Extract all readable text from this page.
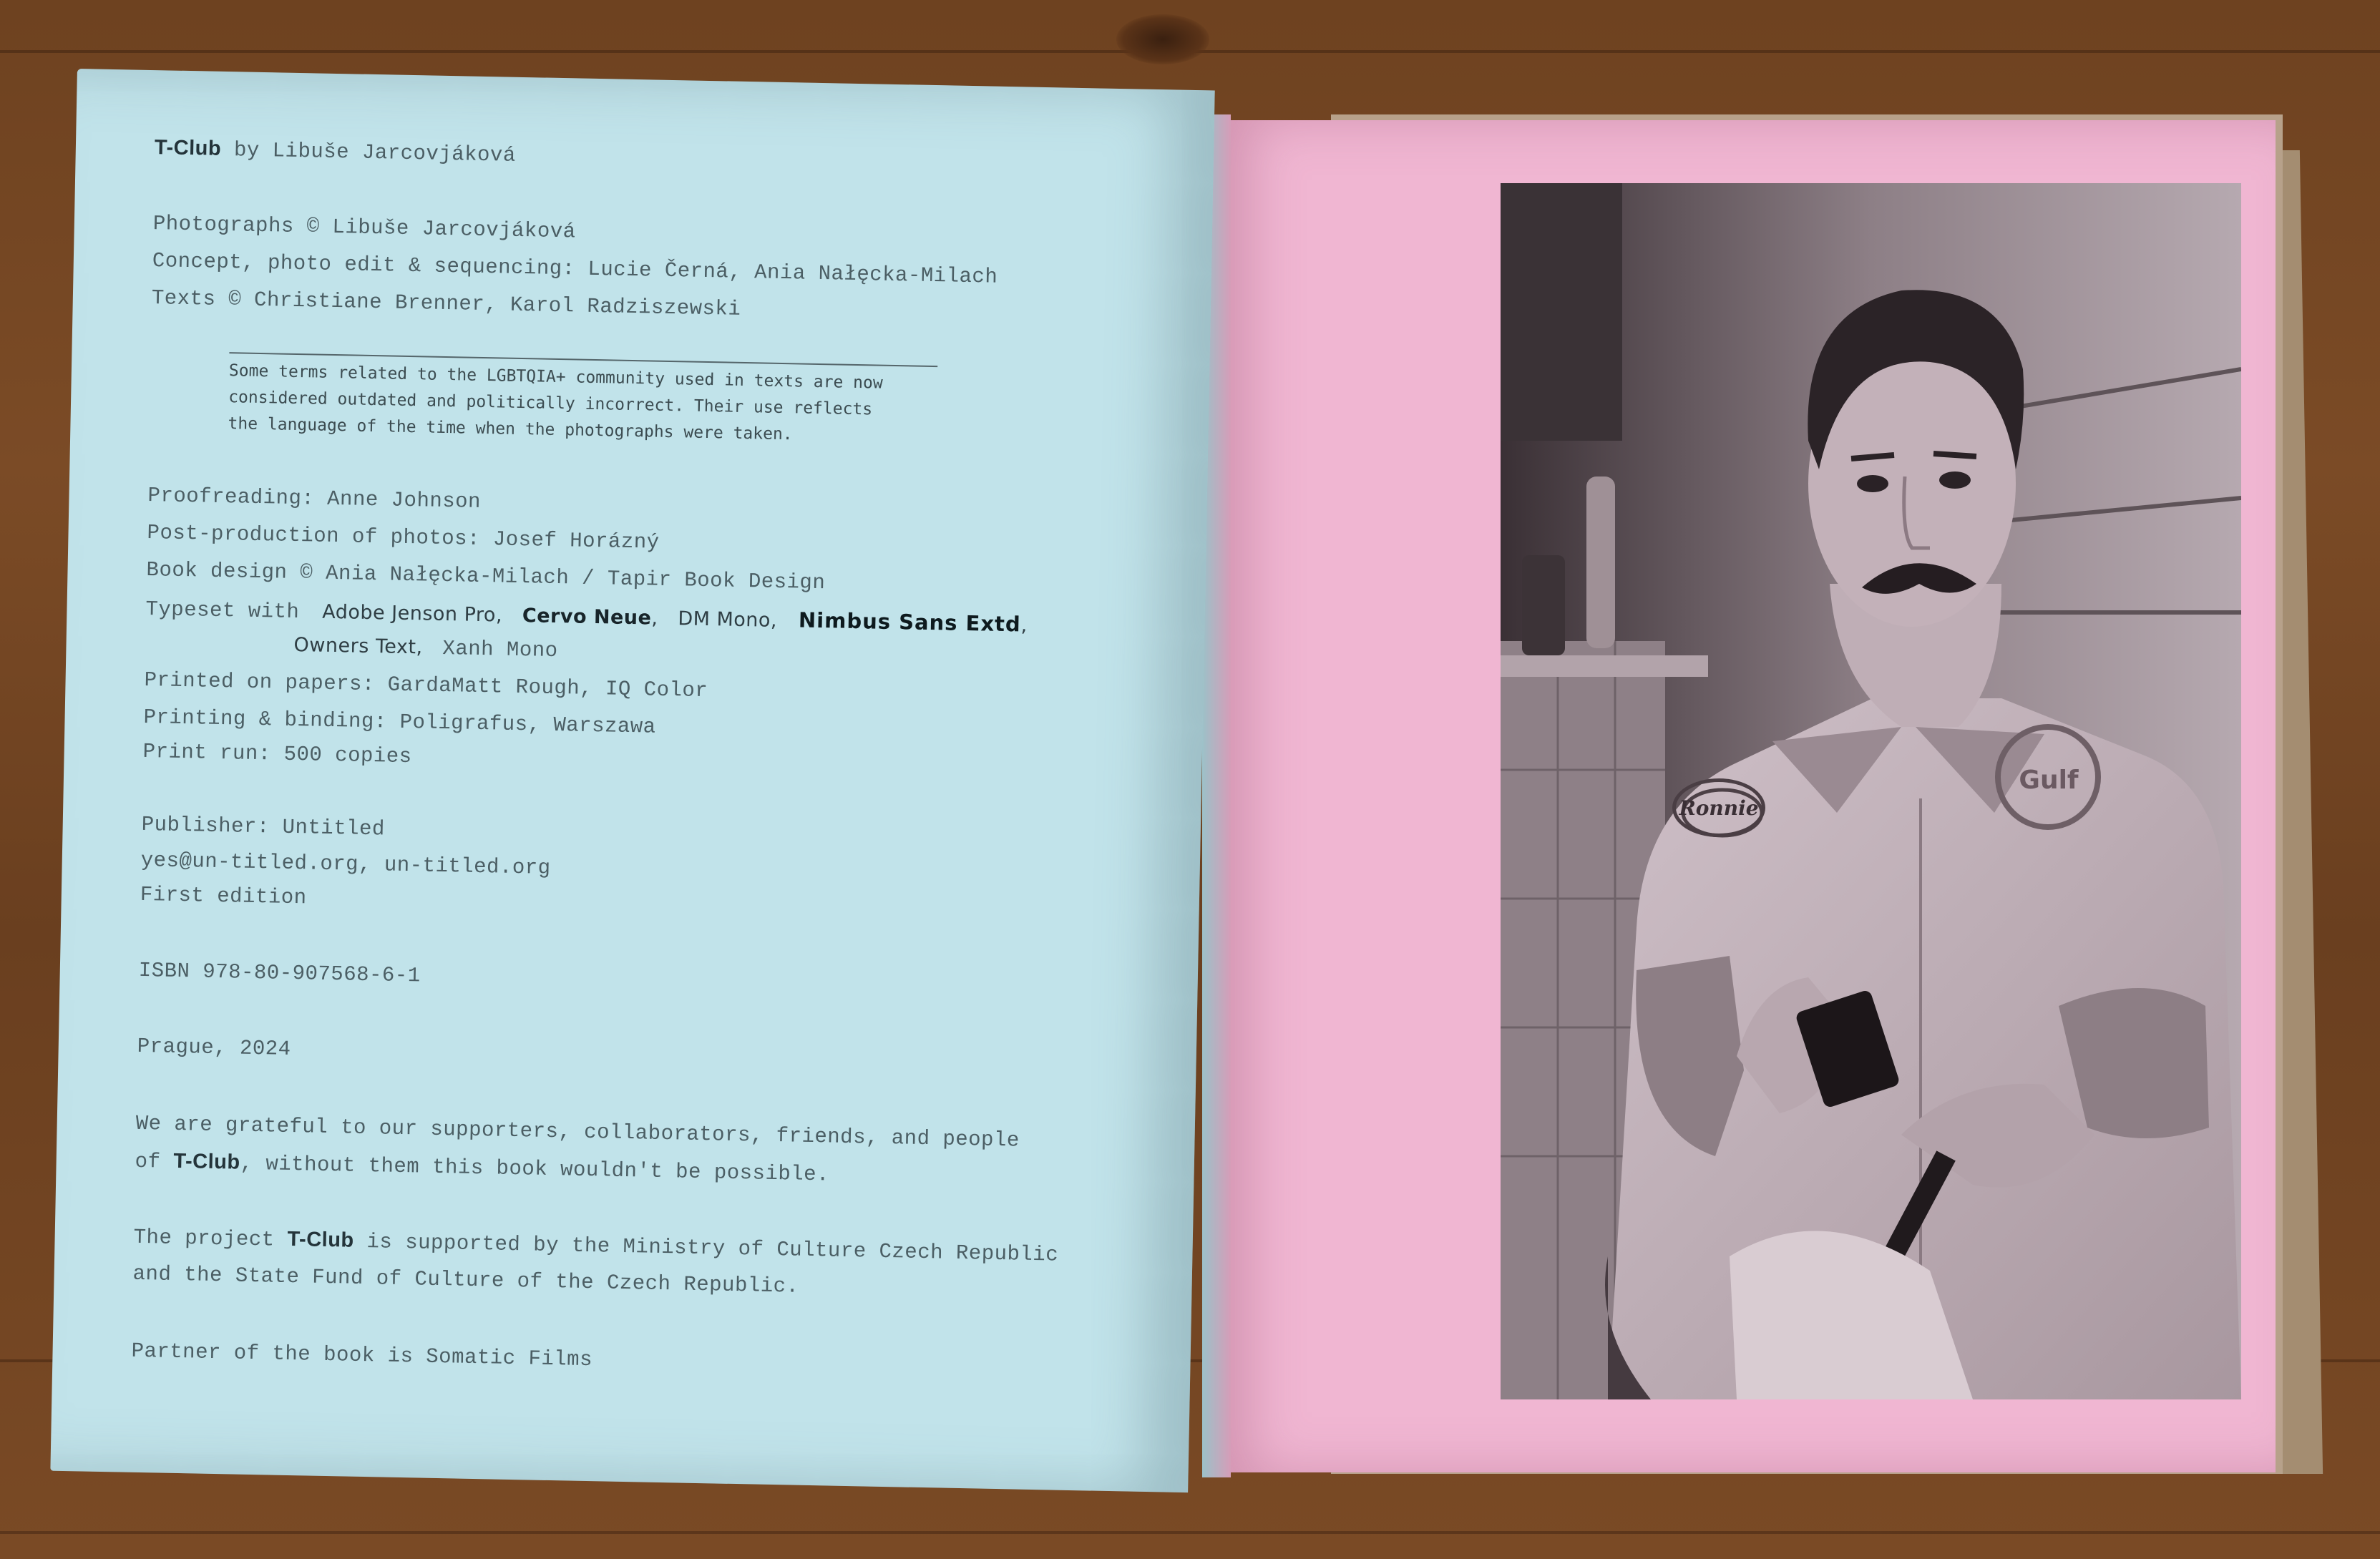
Ronnie
Gulf
T-Club by Libuše Jarcovjáková
Photographs © Libuše Jarcovjáková
Concept, photo edit & sequencing: Lucie Černá, Ania Nałęcka-Milach
Texts © Christiane Brenner, Karol Radziszewski
Some terms related to the LGBTQIA+ community used in texts are now
considered outdated and politically incorrect. Their use reflects
the language of the time when the photographs were taken.
Proofreading: Anne Johnson
Post-production of photos: Josef Horázný
Book design © Ania Nałęcka-Milach / Tapir Book Design
Typeset with Adobe Jenson Pro, Cervo Neue, DM Mono, Nimbus Sans Extd,
Owners Text, Xanh Mono
Printed on papers: GardaMatt Rough, IQ Color
Printing & binding: Poligrafus, Warszawa
Print run: 500 copies
Publisher: Untitled
yes@un-titled.org, un-titled.org
First edition
ISBN 978-80-907568-6-1
Prague, 2024
We are grateful to our supporters, collaborators, friends, and people
of T-Club, without them this book wouldn't be possible.
The project T-Club is supported by the Ministry of Culture Czech Republic
and the State Fund of Culture of the Czech Republic.
Partner of the book is Somatic Films
